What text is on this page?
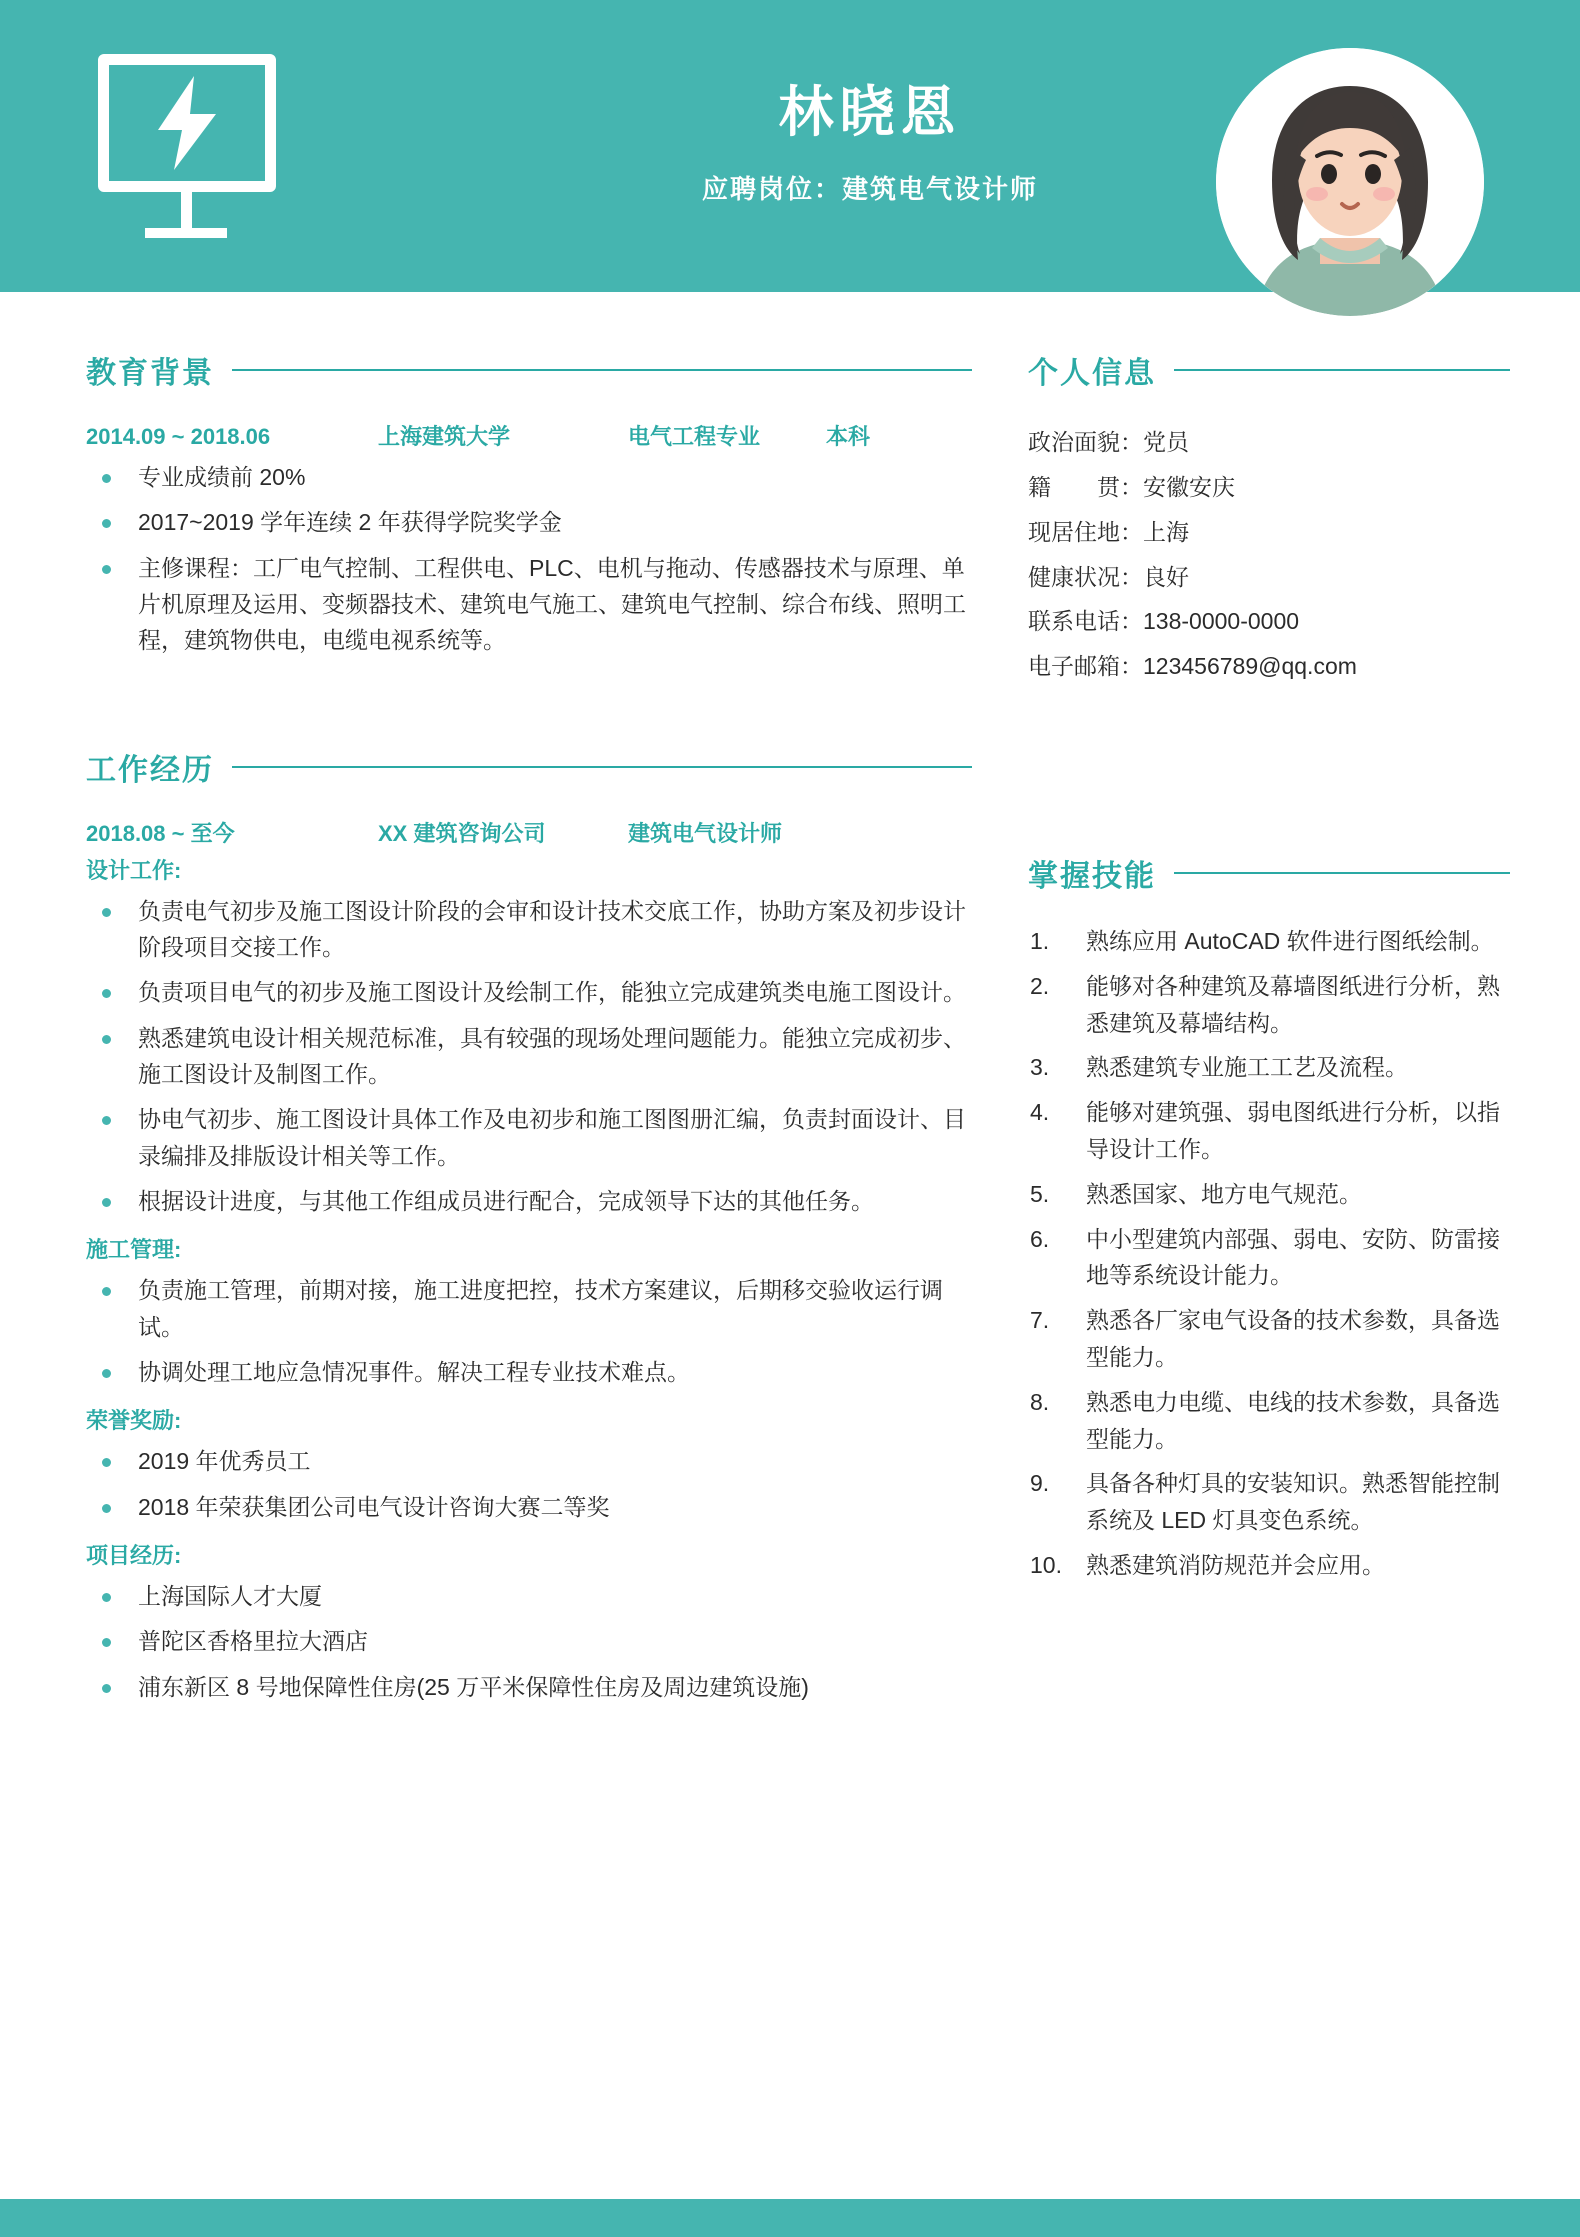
林晓恩
应聘岗位：建筑电气设计师
教育背景
2014.09 ~ 2018.06	上海建筑大学	电气工程专业	本科
专业成绩前 20%
2017~2019 学年连续 2 年获得学院奖学金
主修课程：工厂电气控制、工程供电、PLC、电机与拖动、传感器技术与原理、单片机原理及运用、变频器技术、建筑电气施工、建筑电气控制、综合布线、照明工程，建筑物供电，电缆电视系统等。
工作经历
2018.08 ~ 至今	XX 建筑咨询公司	建筑电气设计师
设计工作:
负责电气初步及施工图设计阶段的会审和设计技术交底工作，协助方案及初步设计阶段项目交接工作。
负责项目电气的初步及施工图设计及绘制工作，能独立完成建筑类电施工图设计。
熟悉建筑电设计相关规范标准，具有较强的现场处理问题能力。能独立完成初步、施工图设计及制图工作。
协电气初步、施工图设计具体工作及电初步和施工图图册汇编，负责封面设计、目录编排及排版设计相关等工作。
根据设计进度，与其他工作组成员进行配合，完成领导下达的其他任务。
施工管理:
负责施工管理，前期对接，施工进度把控，技术方案建议，后期移交验收运行调试。
协调处理工地应急情况事件。解决工程专业技术难点。
荣誉奖励:
2019 年优秀员工
2018 年荣获集团公司电气设计咨询大赛二等奖
项目经历:
上海国际人才大厦
普陀区香格里拉大酒店
浦东新区 8 号地保障性住房(25 万平米保障性住房及周边建筑设施)
个人信息
政治面貌：党员
籍　　贯：安徽安庆
现居住地：上海
健康状况：良好
联系电话：138-0000-0000
电子邮箱：123456789@qq.com
掌握技能
熟练应用 AutoCAD 软件进行图纸绘制。
能够对各种建筑及幕墙图纸进行分析，熟悉建筑及幕墙结构。
熟悉建筑专业施工工艺及流程。
能够对建筑强、弱电图纸进行分析，以指导设计工作。
熟悉国家、地方电气规范。
中小型建筑内部强、弱电、安防、防雷接地等系统设计能力。
熟悉各厂家电气设备的技术参数，具备选型能力。
熟悉电力电缆、电线的技术参数，具备选型能力。
具备各种灯具的安装知识。熟悉智能控制系统及 LED 灯具变色系统。
熟悉建筑消防规范并会应用。
